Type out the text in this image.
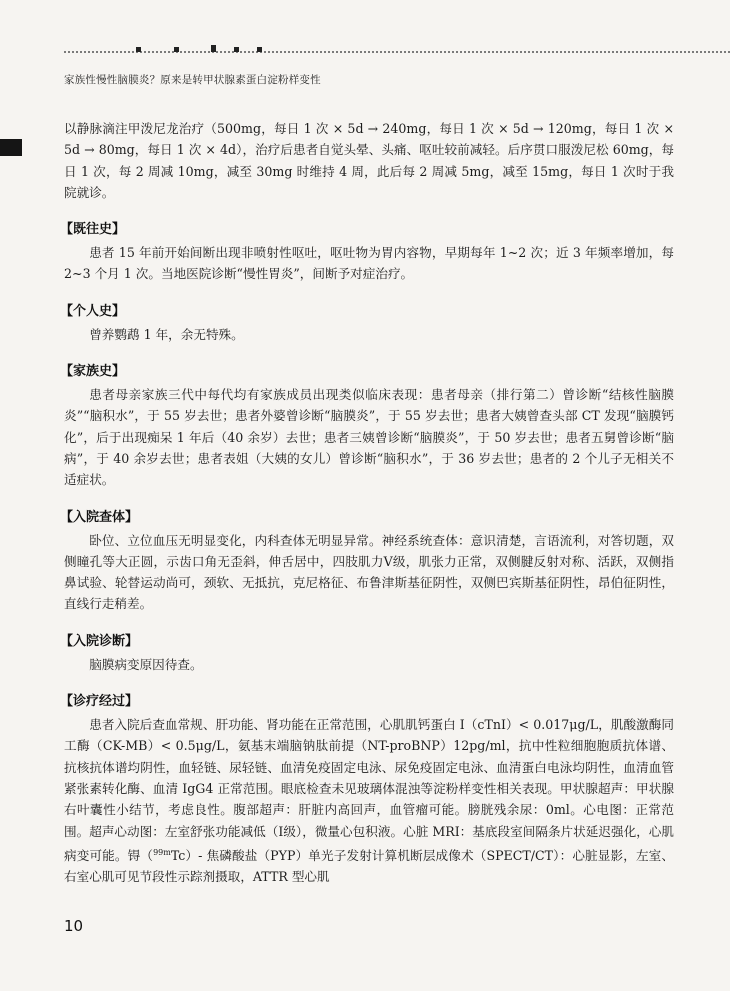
家族性慢性脑膜炎？原来是转甲状腺素蛋白淀粉样变性

以静脉滴注甲泼尼龙治疗（500mg，每日 1 次 × 5d → 240mg，每日 1 次 × 5d → 120mg，每日 1 次 × 5d → 80mg，每日 1 次 × 4d），治疗后患者自觉头晕、头痛、呕吐较前减轻。后序贯口服泼尼松 60mg，每日 1 次，每 2 周减 10mg，减至 30mg 时维持 4 周，此后每 2 周减 5mg，减至 15mg，每日 1 次时于我院就诊。

【既往史】

患者 15 年前开始间断出现非喷射性呕吐，呕吐物为胃内容物，早期每年 1~2 次；近 3 年频率增加，每 2~3 个月 1 次。当地医院诊断“慢性胃炎”，间断予对症治疗。

【个人史】

曾养鹦鹉 1 年，余无特殊。

【家族史】

患者母亲家族三代中每代均有家族成员出现类似临床表现：患者母亲（排行第二）曾诊断“结核性脑膜炎”“脑积水”，于 55 岁去世；患者外婆曾诊断“脑膜炎”，于 55 岁去世；患者大姨曾查头部 CT 发现“脑膜钙化”，后于出现痴呆 1 年后（40 余岁）去世；患者三姨曾诊断“脑膜炎”，于 50 岁去世；患者五舅曾诊断“脑病”，于 40 余岁去世；患者表姐（大姨的女儿）曾诊断“脑积水”，于 36 岁去世；患者的 2 个儿子无相关不适症状。

【入院查体】

卧位、立位血压无明显变化，内科查体无明显异常。神经系统查体：意识清楚，言语流利，对答切题，双侧瞳孔等大正圆，示齿口角无歪斜，伸舌居中，四肢肌力Ⅴ级，肌张力正常，双侧腱反射对称、活跃，双侧指鼻试验、轮替运动尚可，颈软、无抵抗，克尼格征、布鲁津斯基征阴性，双侧巴宾斯基征阴性，昂伯征阴性，直线行走稍差。

【入院诊断】

脑膜病变原因待查。

【诊疗经过】

患者入院后查血常规、肝功能、肾功能在正常范围，心肌肌钙蛋白 I（cTnI）< 0.017μg/L，肌酸激酶同工酶（CK-MB）< 0.5μg/L，氨基末端脑钠肽前提（NT-proBNP）12pg/ml，抗中性粒细胞胞质抗体谱、抗核抗体谱均阴性，血轻链、尿轻链、血清免疫固定电泳、尿免疫固定电泳、血清蛋白电泳均阴性，血清血管紧张素转化酶、血清 IgG4 正常范围。眼底检查未见玻璃体混浊等淀粉样变性相关表现。甲状腺超声：甲状腺右叶囊性小结节，考虑良性。腹部超声：肝脏内高回声，血管瘤可能。膀胱残余尿：0ml。心电图：正常范围。超声心动图：左室舒张功能减低（Ⅰ级），微量心包积液。心脏 MRI：基底段室间隔条片状延迟强化，心肌病变可能。锝（$^{99m}$Tc）- 焦磷酸盐（PYP）单光子发射计算机断层成像术（SPECT/CT）：心脏显影，左室、右室心肌可见节段性示踪剂摄取，ATTR 型心肌

10
